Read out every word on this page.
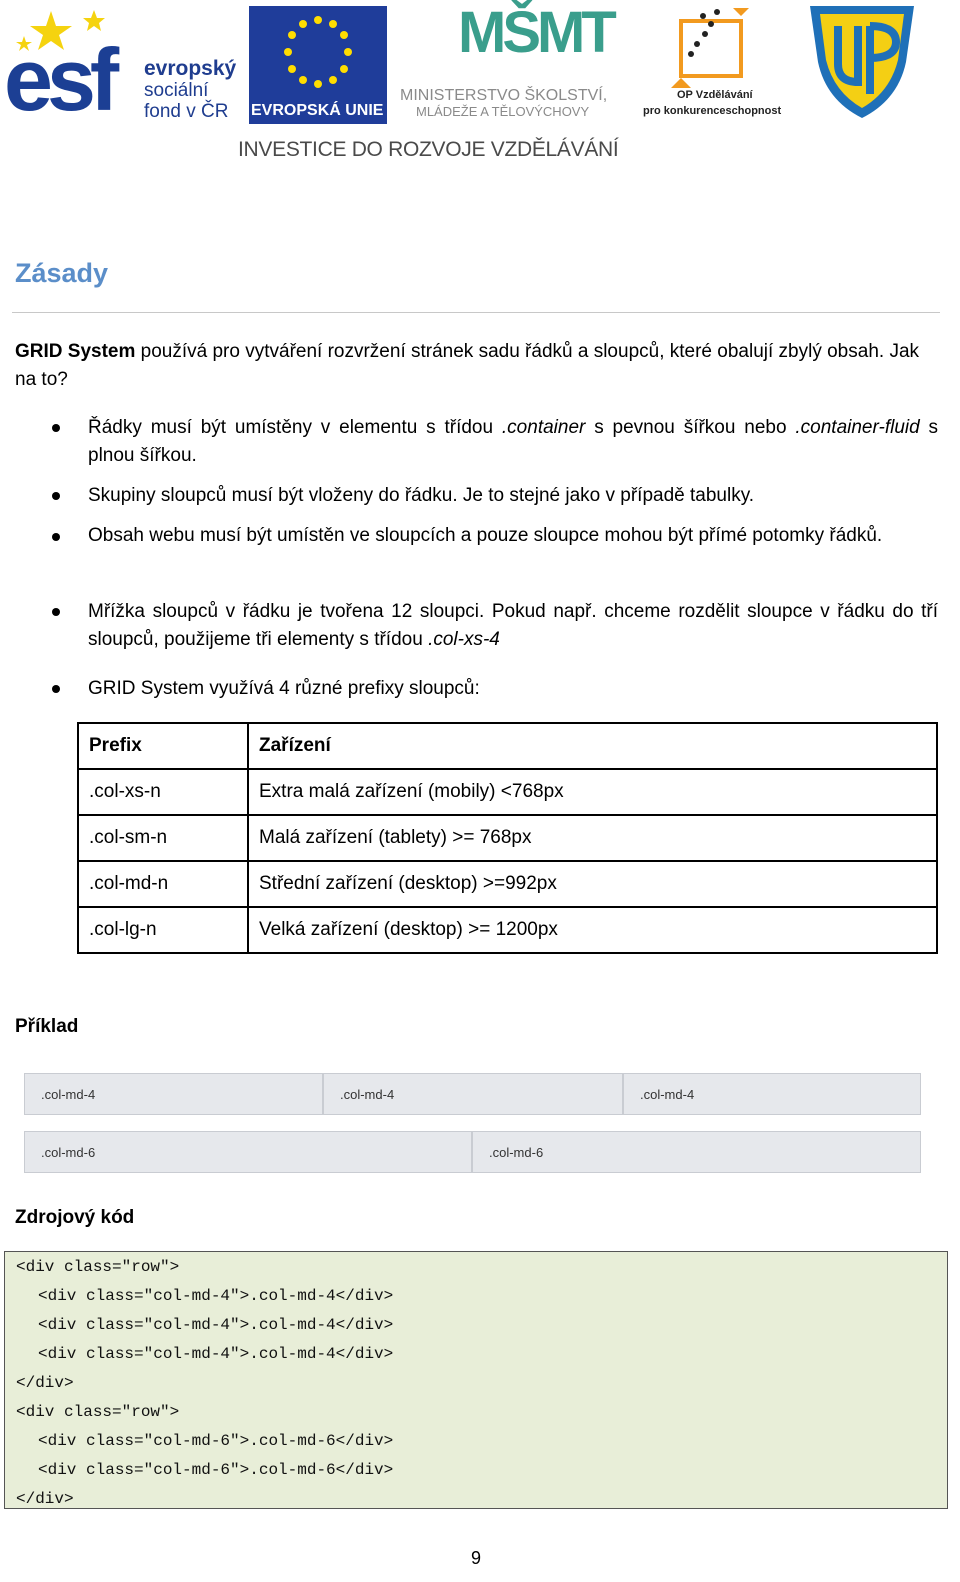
esf evropský
sociální
fond v ČR EVROPSKÁ UNIE
MŠMT
MINISTERSTVO ŠKOLSTVÍ,
MLÁDEŽE A TĚLOVÝCHOVY
OP Vzdělávání
pro konkurenceschopnost
INVESTICE DO ROZVOJE VZDĚLÁVÁNÍ
Zásady
GRID System používá pro vytváření rozvržení stránek sadu řádků a sloupců, které obalují zbylý obsah. Jak na to?
Řádky musí být umístěny v elementu s třídou .container s pevnou šířkou nebo .container-fluid s plnou šířkou.
Skupiny sloupců musí být vloženy do řádku. Je to stejné jako v případě tabulky.
Obsah webu musí být umístěn ve sloupcích a pouze sloupce mohou být přímé potomky řádků.
Mřížka sloupců v řádku je tvořena 12 sloupci. Pokud např. chceme rozdělit sloupce v řádku do tří sloupců, použijeme tři elementy s třídou .col-xs-4
GRID System využívá 4 různé prefixy sloupců:
Prefix	Zařízení
.col-xs-n	Extra malá zařízení (mobily) <768px
.col-sm-n	Malá zařízení (tablety) >= 768px
.col-md-n	Střední zařízení (desktop) >=992px
.col-lg-n	Velká zařízení (desktop) >= 1200px
Příklad
.col-md-4	.col-md-4	.col-md-4
.col-md-6	.col-md-6
Zdrojový kód
<div class="row">
<div class="col-md-4">.col-md-4</div>
<div class="col-md-4">.col-md-4</div>
<div class="col-md-4">.col-md-4</div>
</div>
<div class="row">
<div class="col-md-6">.col-md-6</div>
<div class="col-md-6">.col-md-6</div>
</div>
9
